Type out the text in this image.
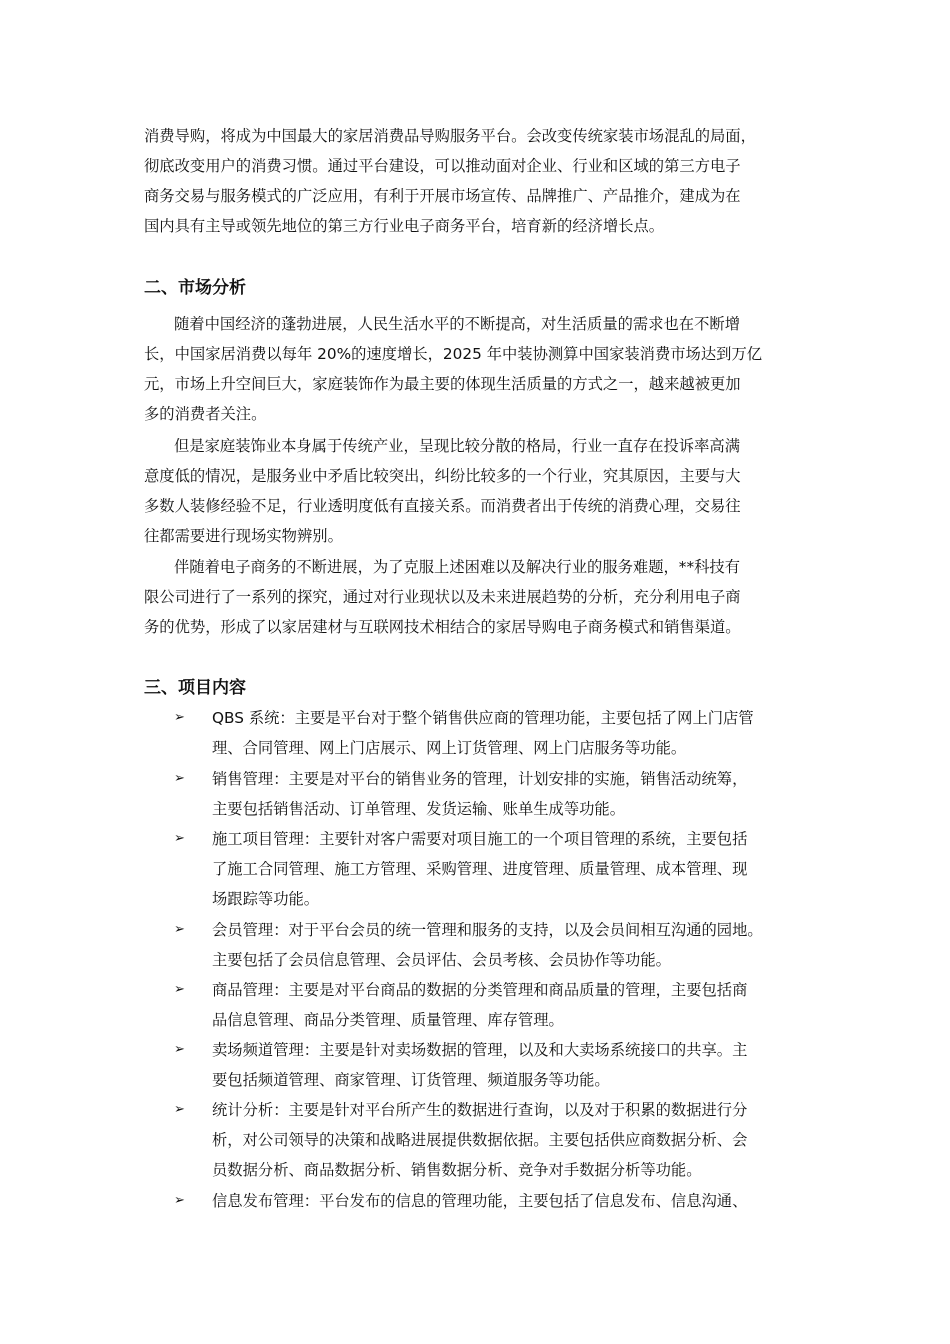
消费导购，将成为中国最大的家居消费品导购服务平台。会改变传统家装市场混乱的局面，
彻底改变用户的消费习惯。通过平台建设，可以推动面对企业、行业和区域的第三方电子
商务交易与服务模式的广泛应用，有利于开展市场宣传、品牌推广、产品推介，建成为在
国内具有主导或领先地位的第三方行业电子商务平台，培育新的经济增长点。
二、市场分析
随着中国经济的蓬勃进展，人民生活水平的不断提高，对生活质量的需求也在不断增
长，中国家居消费以每年 20%的速度增长，2025 年中装协测算中国家装消费市场达到万亿
元，市场上升空间巨大，家庭装饰作为最主要的体现生活质量的方式之一，越来越被更加
多的消费者关注。
但是家庭装饰业本身属于传统产业，呈现比较分散的格局，行业一直存在投诉率高满
意度低的情况，是服务业中矛盾比较突出，纠纷比较多的一个行业，究其原因，主要与大
多数人装修经验不足，行业透明度低有直接关系。而消费者出于传统的消费心理，交易往
往都需要进行现场实物辨别。
伴随着电子商务的不断进展，为了克服上述困难以及解决行业的服务难题，**科技有
限公司进行了一系列的探究，通过对行业现状以及未来进展趋势的分析，充分利用电子商
务的优势，形成了以家居建材与互联网技术相结合的家居导购电子商务模式和销售渠道。
三、项目内容
➢	QBS 系统：主要是平台对于整个销售供应商的管理功能，主要包括了网上门店管
理、合同管理、网上门店展示、网上订货管理、网上门店服务等功能。
➢	销售管理：主要是对平台的销售业务的管理，计划安排的实施，销售活动统筹，
主要包括销售活动、订单管理、发货运输、账单生成等功能。
➢	施工项目管理：主要针对客户需要对项目施工的一个项目管理的系统，主要包括
了施工合同管理、施工方管理、采购管理、进度管理、质量管理、成本管理、现
场跟踪等功能。
➢	会员管理：对于平台会员的统一管理和服务的支持，以及会员间相互沟通的园地。
主要包括了会员信息管理、会员评估、会员考核、会员协作等功能。
➢	商品管理：主要是对平台商品的数据的分类管理和商品质量的管理，主要包括商
品信息管理、商品分类管理、质量管理、库存管理。
➢	卖场频道管理：主要是针对卖场数据的管理，以及和大卖场系统接口的共享。主
要包括频道管理、商家管理、订货管理、频道服务等功能。
➢	统计分析：主要是针对平台所产生的数据进行查询，以及对于积累的数据进行分
析，对公司领导的决策和战略进展提供数据依据。主要包括供应商数据分析、会
员数据分析、商品数据分析、销售数据分析、竞争对手数据分析等功能。
➢	信息发布管理：平台发布的信息的管理功能，主要包括了信息发布、信息沟通、
